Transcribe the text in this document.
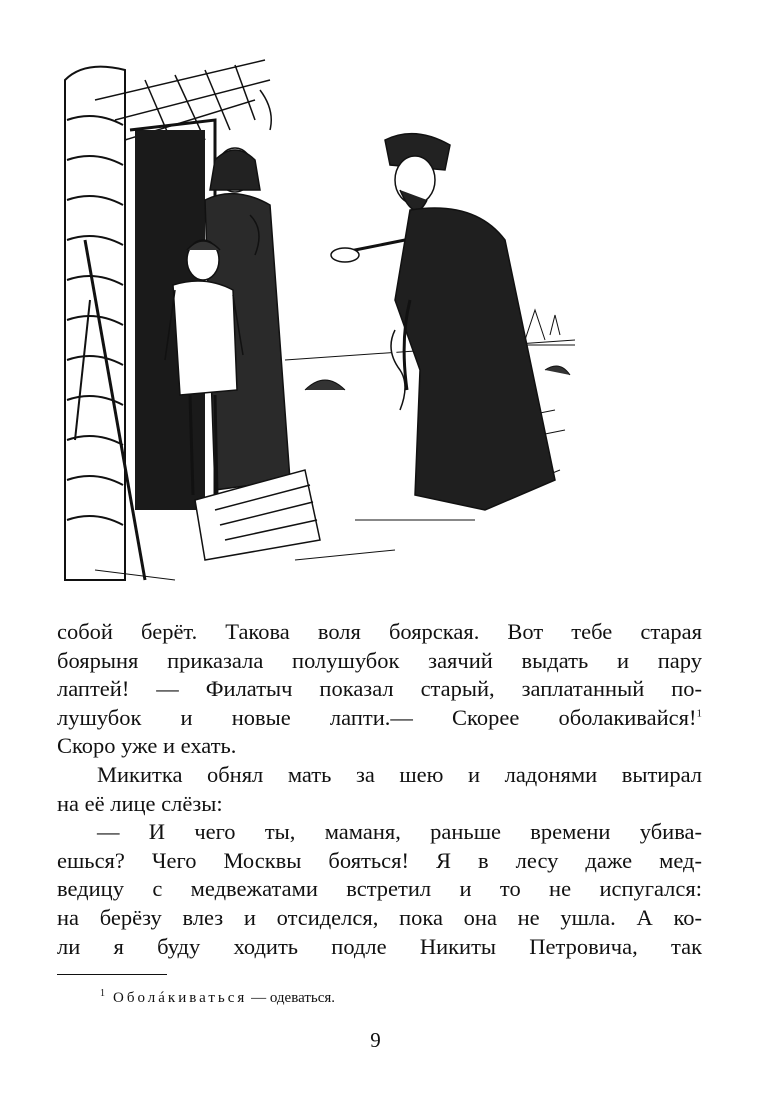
собой берёт. Такова воля боярская. Вот тебе старая
боярыня приказала полушубок заячий выдать и пару
лаптей! — Филатыч показал старый, заплатанный по-
лушубок и новые лапти.— Скорее оболакивайся!$^1$
Скоро уже и ехать.
Микитка обнял мать за шею и ладонями вытирал
на её лице слёзы:
— И чего ты, маманя, раньше времени убива-
ешься? Чего Москвы бояться! Я в лесу даже мед-
ведицу с медвежатами встретил и то не испугался:
на берёзу влез и отсиделся, пока она не ушла. А ко-
ли я буду ходить подле Никиты Петровича, так
$^1$ Оболáкиваться — одеваться.
9
